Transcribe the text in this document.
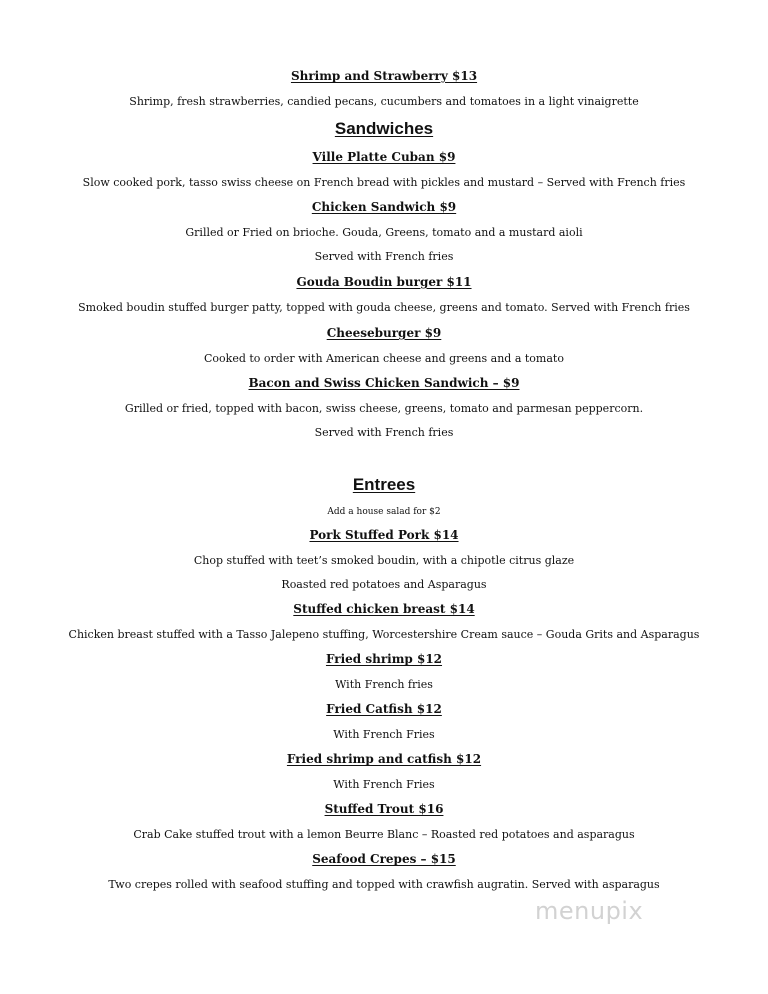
Shrimp and Strawberry $13
Shrimp, fresh strawberries, candied pecans, cucumbers and tomatoes in a light vinaigrette
Sandwiches
Ville Platte Cuban $9
Slow cooked pork, tasso swiss cheese on French bread with pickles and mustard – Served with French fries
Chicken Sandwich $9
Grilled or Fried on brioche. Gouda, Greens, tomato and a mustard aioli
Served with French fries
Gouda Boudin burger $11
Smoked boudin stuffed burger patty, topped with gouda cheese, greens and tomato. Served with French fries
Cheeseburger $9
Cooked to order with American cheese and greens and a tomato
Bacon and Swiss Chicken Sandwich – $9
Grilled or fried, topped with bacon, swiss cheese, greens, tomato and parmesan peppercorn.
Served with French fries
Entrees
Add a house salad for $2
Pork Stuffed Pork $14
Chop stuffed with teet’s smoked boudin, with a chipotle citrus glaze
Roasted red potatoes and Asparagus
Stuffed chicken breast $14
Chicken breast stuffed with a Tasso Jalepeno stuffing, Worcestershire Cream sauce – Gouda Grits and Asparagus
Fried shrimp $12
With French fries
Fried Catfish $12
With French Fries
Fried shrimp and catfish $12
With French Fries
Stuffed Trout $16
Crab Cake stuffed trout with a lemon Beurre Blanc – Roasted red potatoes and asparagus
Seafood Crepes – $15
Two crepes rolled with seafood stuffing and topped with crawfish augratin. Served with asparagus
menupix
